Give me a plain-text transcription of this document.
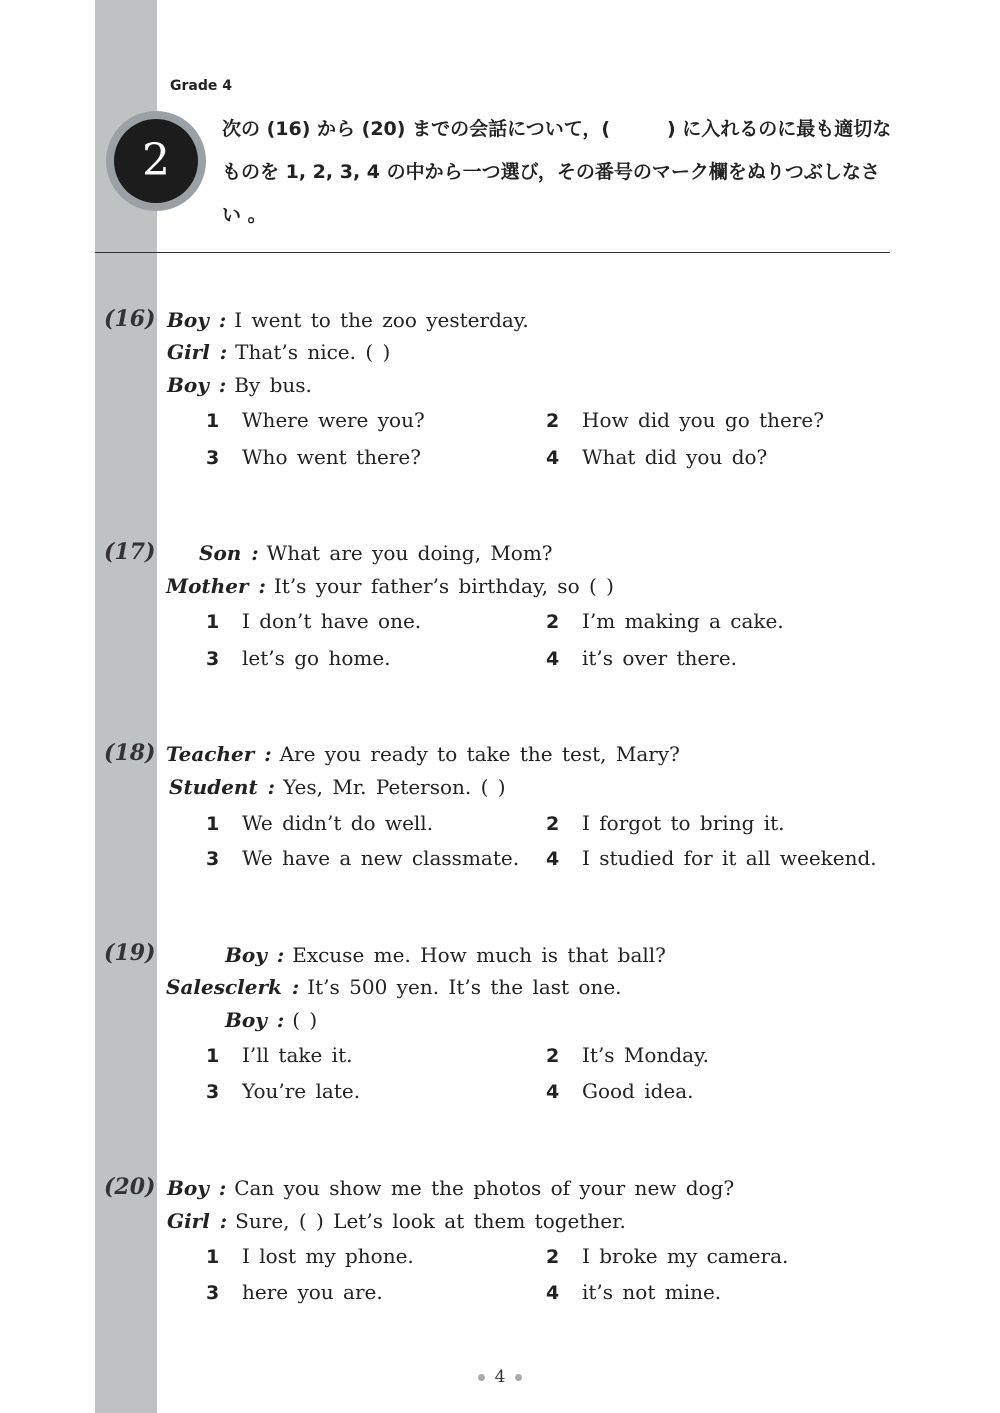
Grade 4
2
次の (16) から (20) までの会話について，(　　　) に入れるのに最も適切なものを 1, 2, 3, 4 の中から一つ選び，その番号のマーク欄をぬりつぶしなさい 。
(16) Boy : I went to the zoo yesterday.
Girl : That’s nice. ( )
Boy : By bus.
1 Where were you?	2 How did you go there?
3 Who went there?	4 What did you do?
(17) Son : What are you doing, Mom?
Mother : It’s your father’s birthday, so ( )
1 I don’t have one.	2 I’m making a cake.
3 let’s go home.	4 it’s over there.
(18) Teacher : Are you ready to take the test, Mary?
Student : Yes, Mr. Peterson. ( )
1 We didn’t do well.	2 I forgot to bring it.
3 We have a new classmate. 4 I studied for it all weekend.
(19)	Boy : Excuse me. How much is that ball?
Salesclerk : It’s 500 yen. It’s the last one.
Boy : ( )
1 I’ll take it.	2 It’s Monday.
3 You’re late.	4 Good idea.
(20) Boy : Can you show me the photos of your new dog?
Girl : Sure, ( ) Let’s look at them together.
1 I lost my phone.	2 I broke my camera.
3 here you are.	4 it’s not mine.
4
